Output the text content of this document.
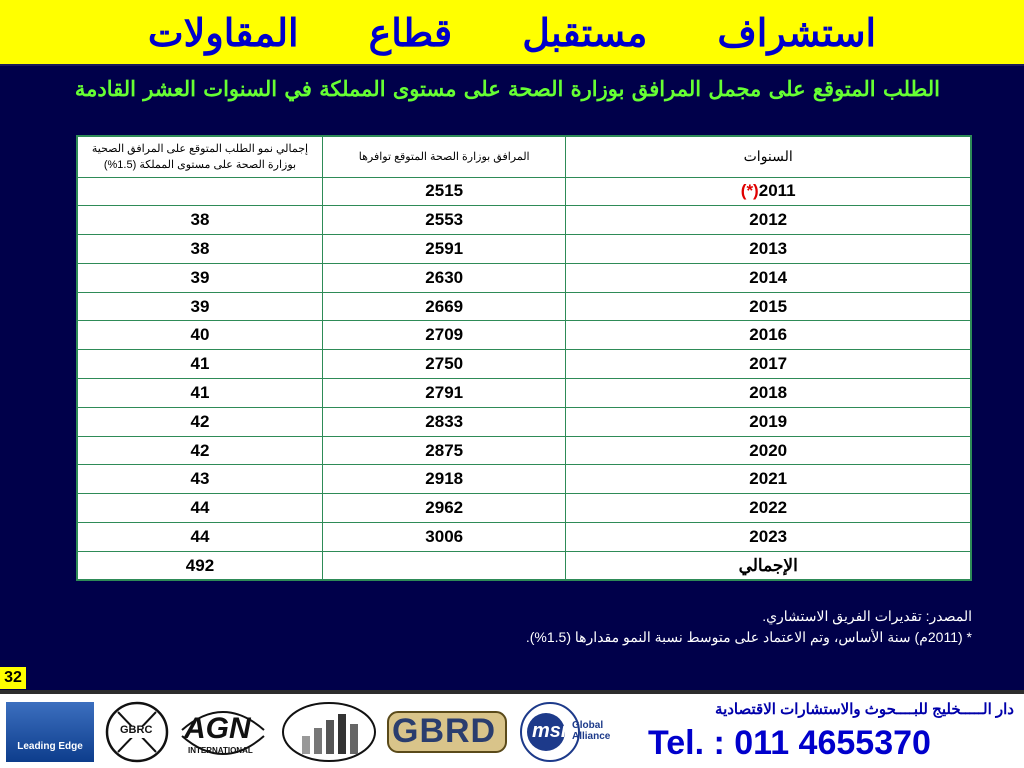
استشراف
مستقبل
قطاع
المقاولات
الطلب المتوقع على مجمل المرافق بوزارة الصحة على مستوى المملكة في السنوات العشر القادمة
السنوات	المرافق بوزارة الصحة المتوقع توافرها	إجمالي نمو الطلب المتوقع على المرافق الصحية
بوزارة الصحة على مستوى المملكة (1.5%)

2011(*)	2515	
2012	2553	38
2013	2591	38
2014	2630	39
2015	2669	39
2016	2709	40
2017	2750	41
2018	2791	41
2019	2833	42
2020	2875	42
2021	2918	43
2022	2962	44
2023	3006	44
الإجمالي		492
المصدر: تقديرات الفريق الاستشاري.
* (2011م) سنة الأساس، وتم الاعتماد على متوسط نسبة النمو مقدارها (1.5%).
32
Leading Edge
GBRC AGN
INTERNATIONAL
GBRD msi Global Alliance
دار الـــــخليج للبــــحوث والاستشارات الاقتصادية
Tel. : 011 4655370
